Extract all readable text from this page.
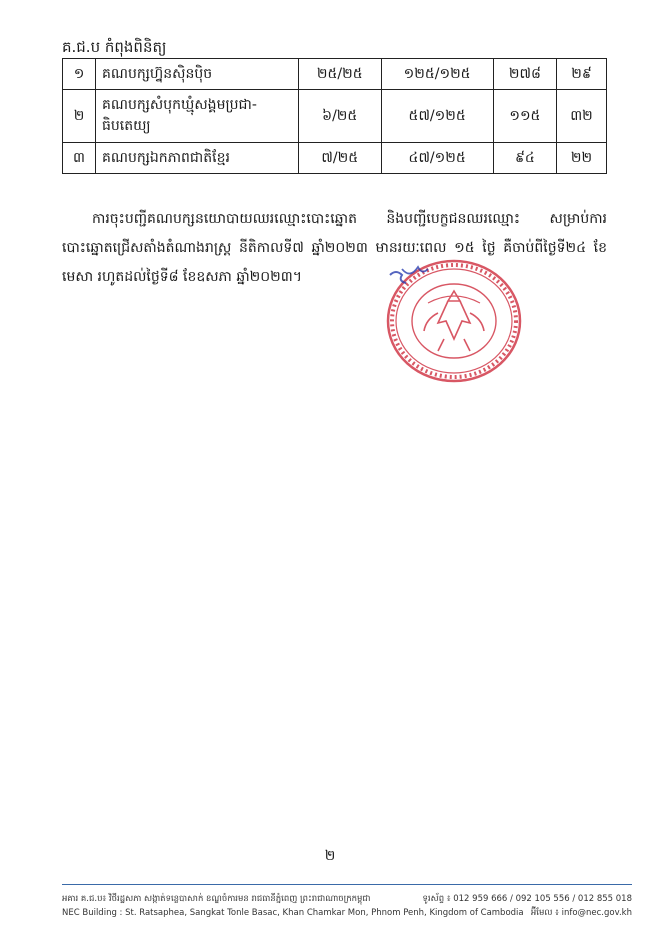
គ.ជ.ប កំពុងពិនិត្យ
១	គណបក្សហ្វ៊ុនស៊ិនប៉ិច	២៥/២៥	១២៥/១២៥	២៧៨	២៩
២	គណបក្សសំបុកឃ្មុំសង្គមប្រជា-ធិបតេយ្យ	៦/២៥	៥៧/១២៥	១១៥	៣២
៣	គណបក្សឯកភាពជាតិខ្មែរ	៧/២៥	៤៧/១២៥	៩៤	២២
ការចុះបញ្ជីគណបក្សនយោបាយឈរឈ្មោះបោះឆ្នោត និងបញ្ជីបេក្ខជនឈរឈ្មោះ សម្រាប់ការបោះឆ្នោតជ្រើសតាំងតំណាងរាស្ត្រ នីតិកាលទី៧ ឆ្នាំ២០២៣ មានរយៈពេល ១៥ ថ្ងៃ គឺចាប់ពីថ្ងៃទី២៤ ខែមេសា រហូតដល់ថ្ងៃទី៨ ខែឧសភា ឆ្នាំ២០២៣។
២
អគារ គ.ជ.ប៖ វិថីរដ្ឋសភា សង្កាត់ទន្លេបាសាក់ ខណ្ឌចំការមន រាជធានីភ្នំពេញ ព្រះរាជាណាចក្រកម្ពុជា	ទូរស័ព្ទ ៖ 012 959 666 / 092 105 556 / 012 855 018
NEC Building : St. Ratsaphea, Sangkat Tonle Basac, Khan Chamkar Mon, Phnom Penh, Kingdom of Cambodia អ៊ីមែល ៖ info@nec.gov.kh
